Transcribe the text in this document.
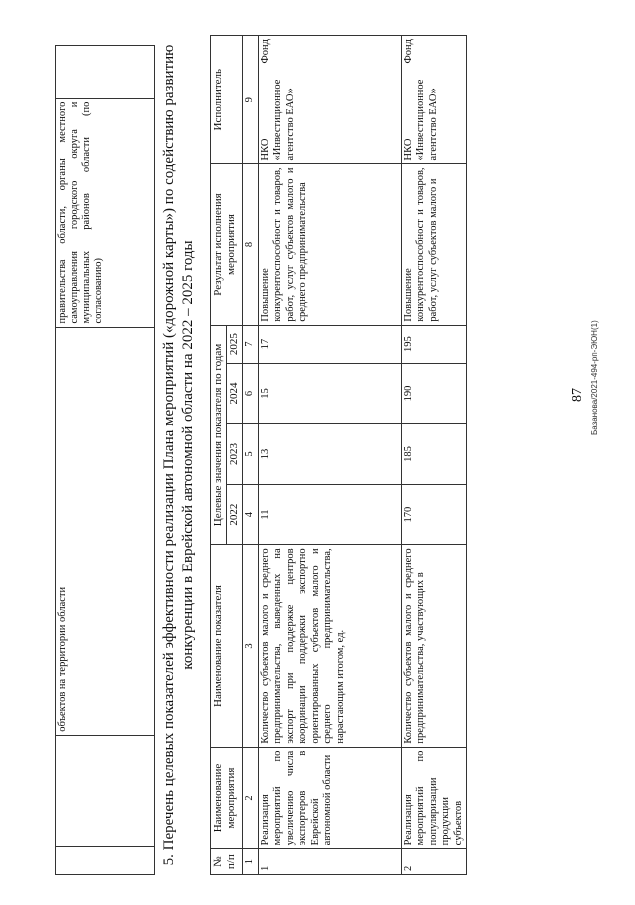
87 Базанова/2021-494-рп-ЭЮН(1)
		объектов на территории области	правительства области, органы местного самоуправления городского округа и муниципальных районов области (по согласованию)		5. Перечень целевых показателей эффективности реализации Плана мероприятий («дорожной карты») по содействию развитию конкуренции в Еврейской автономной области на 2022 – 2025 годы
№ п/п	Наименование мероприятия	Наименование показателя	Целевые значения показателя по годам				Результат исполнения мероприятия	Исполнитель
			2022	2023	2024	2025		
1	2	3	4	5	6	7	8	9
1	Реализация мероприятий по увеличению числа экспортеров в Еврейской автономной области	Количество субъектов малого и среднего предпринимательства, выведенных на экспорт при поддержке центров координации поддержки экспортно ориентированных субъектов малого и среднего предпринимательства, нарастающим итогом, ед.	11	13	15	17	Повышение конкурентоспособност и товаров, работ, услуг субъектов малого и среднего предпринимательства	НКО Фонд «Инвестиционное агентство ЕАО»
2	Реализация мероприятий по популяризации продукции субъектов	Количество субъектов малого и среднего предпринимательства, участвующих в	170	185	190	195	Повышение конкурентоспособност и товаров, работ, услуг субъектов малого и	НКО Фонд «Инвестиционное агентство ЕАО»
